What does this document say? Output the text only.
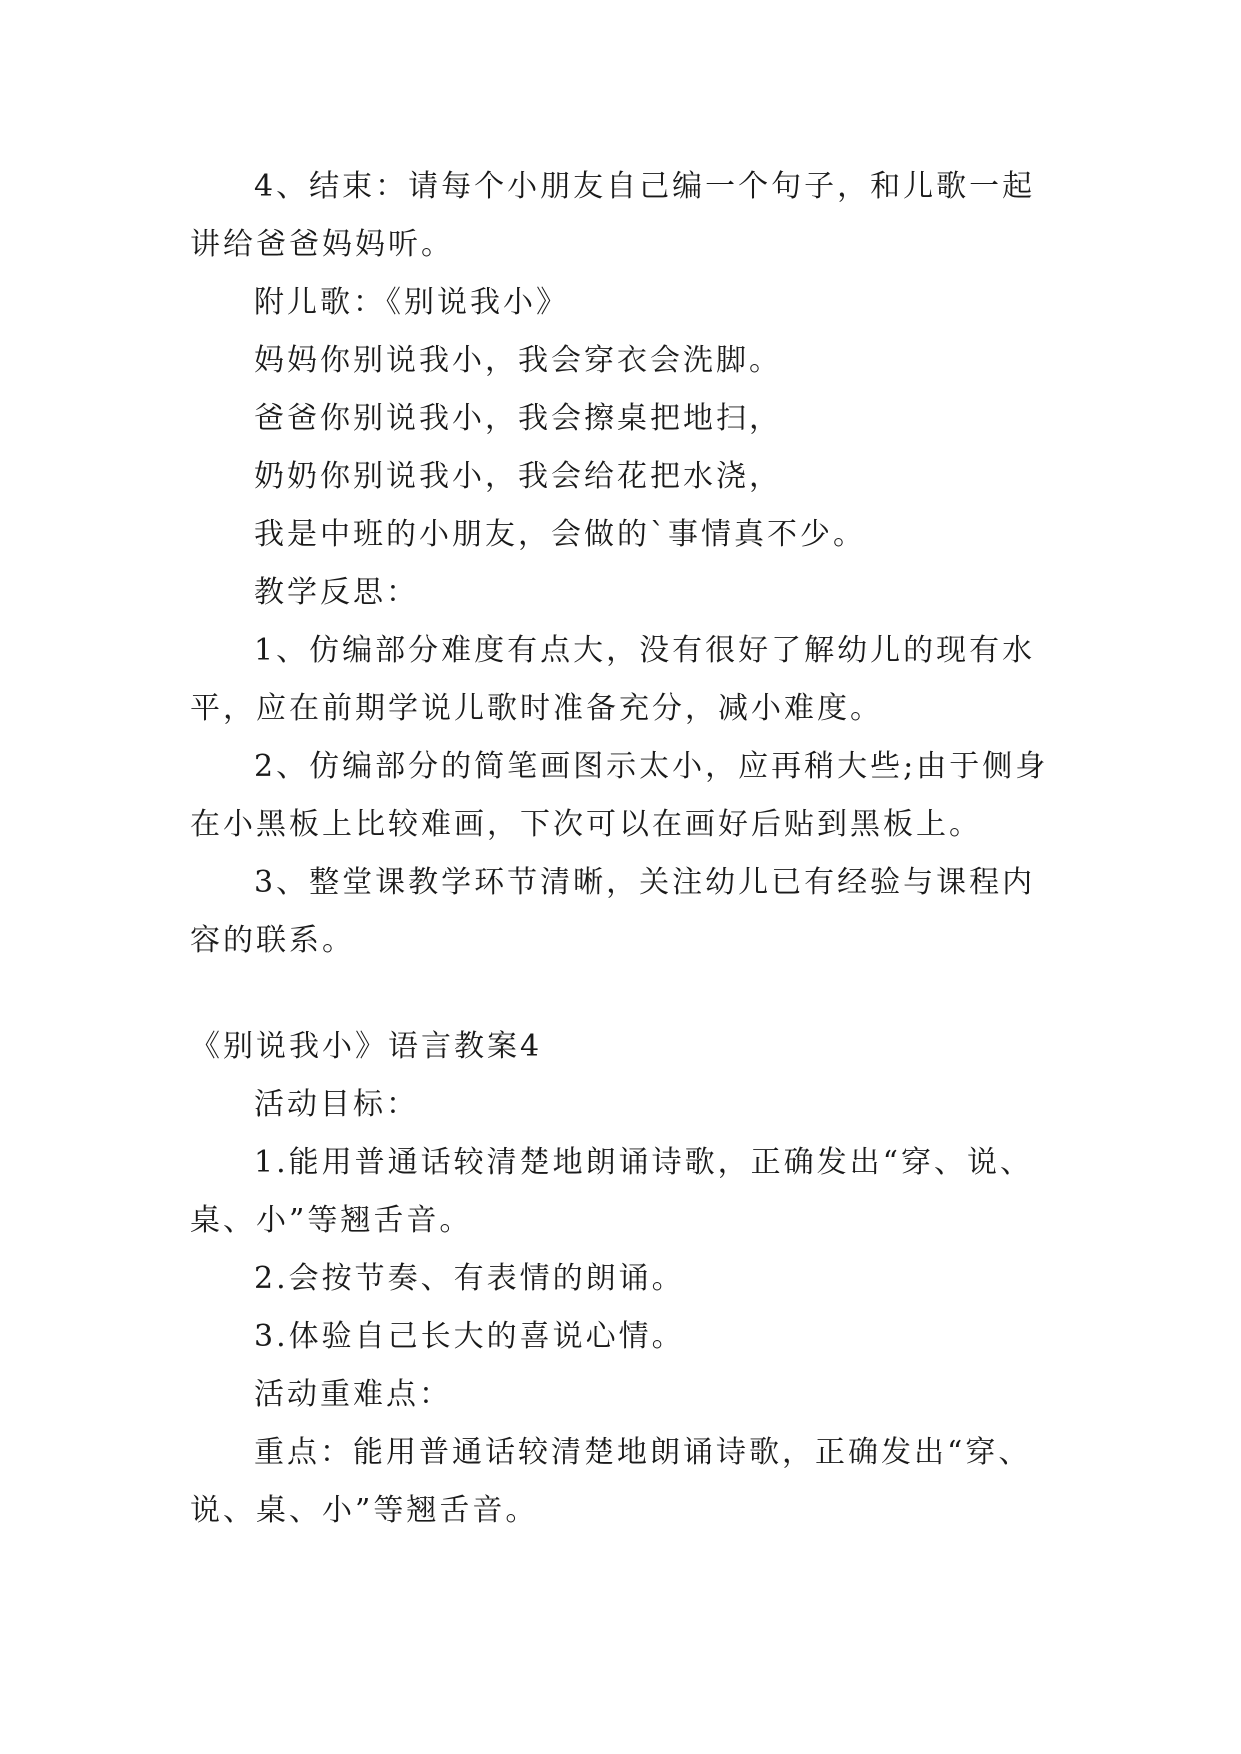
4、结束：请每个小朋友自己编一个句子，和儿歌一起

讲给爸爸妈妈听。

附儿歌：《别说我小》

妈妈你别说我小，我会穿衣会洗脚。

爸爸你别说我小，我会擦桌把地扫，

奶奶你别说我小，我会给花把水浇，

我是中班的小朋友，会做的`事情真不少。

教学反思：

1、仿编部分难度有点大，没有很好了解幼儿的现有水

平，应在前期学说儿歌时准备充分，减小难度。

2、仿编部分的简笔画图示太小，应再稍大些;由于侧身

在小黑板上比较难画，下次可以在画好后贴到黑板上。

3、整堂课教学环节清晰，关注幼儿已有经验与课程内

容的联系。

《别说我小》语言教案4

活动目标：

1.能用普通话较清楚地朗诵诗歌，正确发出“穿、说、

桌、小”等翘舌音。

2.会按节奏、有表情的朗诵。

3.体验自己长大的喜说心情。

活动重难点：

重点：能用普通话较清楚地朗诵诗歌，正确发出“穿、

说、桌、小”等翘舌音。
